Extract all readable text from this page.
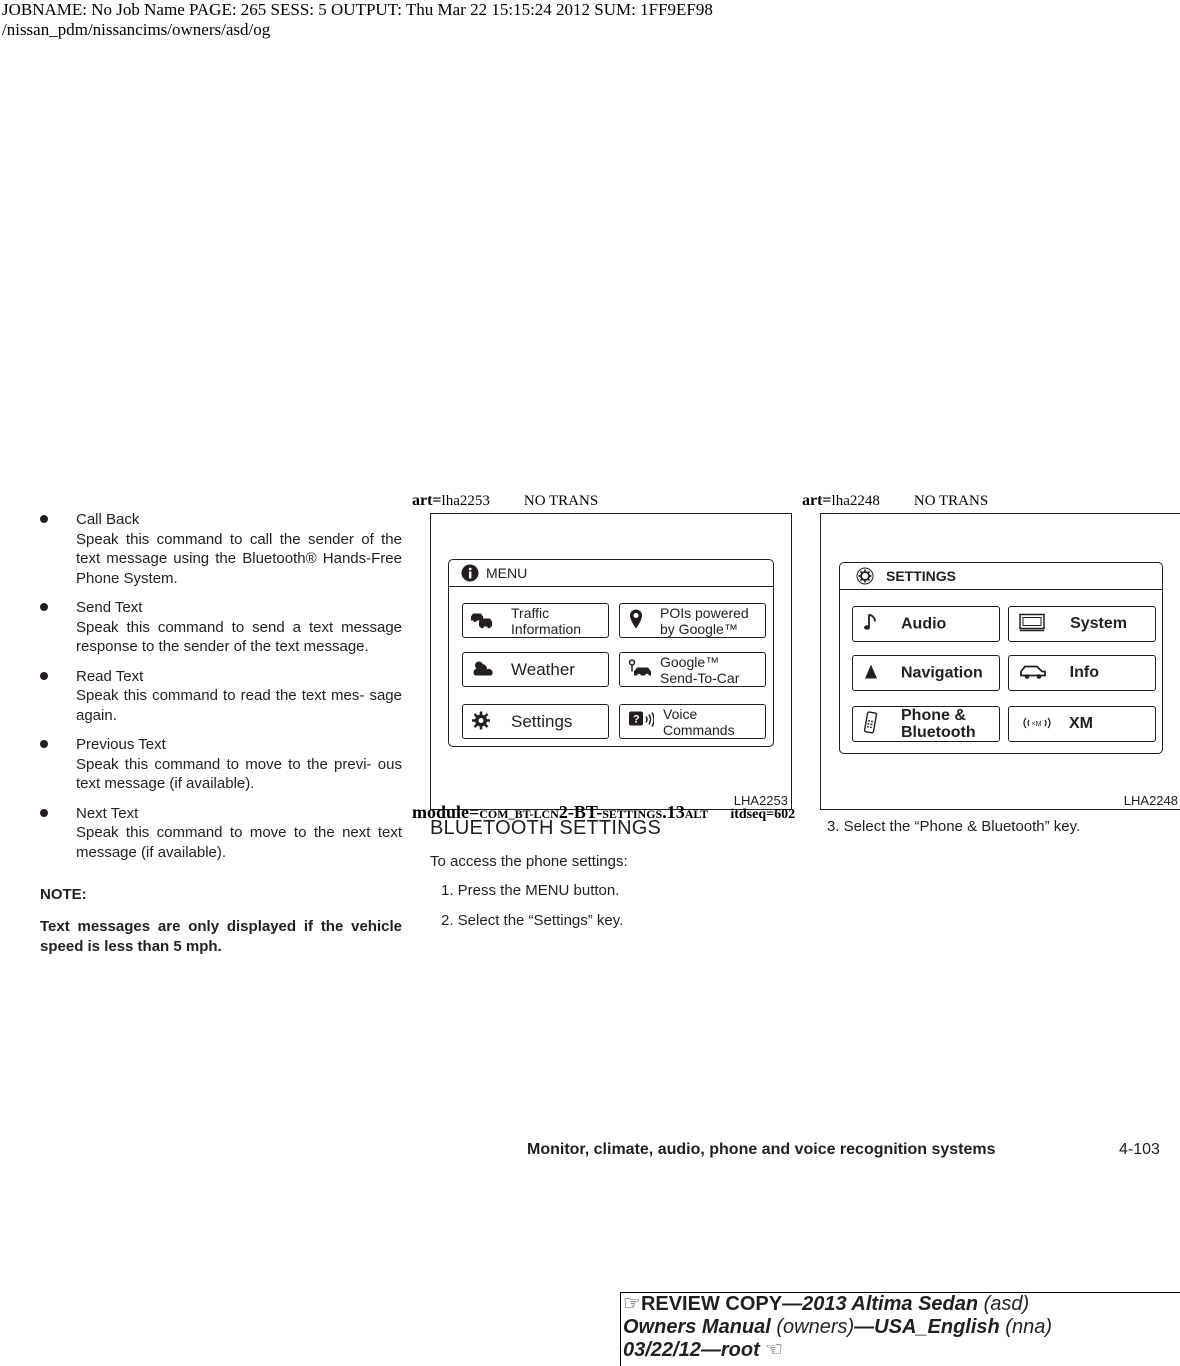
JOBNAME: No Job Name PAGE: 265 SESS: 5 OUTPUT: Thu Mar 22 15:15:24 2012 SUM: 1FF9EF98
/nissan_pdm/nissancims/owners/asd/og
Call Back
Speak this command to call the sender of the text message using the Bluetooth® Hands-Free Phone System.
Send Text
Speak this command to send a text message response to the sender of the text message.
Read Text
Speak this command to read the text mes- sage again.
Previous Text
Speak this command to move to the previ- ous text message (if available).
Next Text
Speak this command to move to the next text message (if available).
NOTE:
Text messages are only displayed if the vehicle speed is less than 5 mph.
art=lha2253 NO TRANS	art=lha2248 NO TRANS
MENU
Traffic
Information
POIs powered
by Google™
Weather	Google™
Send-To-Car
Settings	? Voice
Commands
LHA2253
SETTINGS
Audio	System
Navigation	Info
Phone &
Bluetooth	×M XM
LHA2248
module=COM_BT-LCN2-BT-SETTINGS.13ALT itdseq=602
BLUETOOTH SETTINGS
To access the phone settings:
1. Press the MENU button.
2. Select the “Settings” key.
3. Select the “Phone & Bluetooth” key.
Monitor, climate, audio, phone and voice recognition systems	4-103
☞REVIEW COPY—2013 Altima Sedan (asd)
Owners Manual (owners)—USA_English (nna)
03/22/12—root ☜
